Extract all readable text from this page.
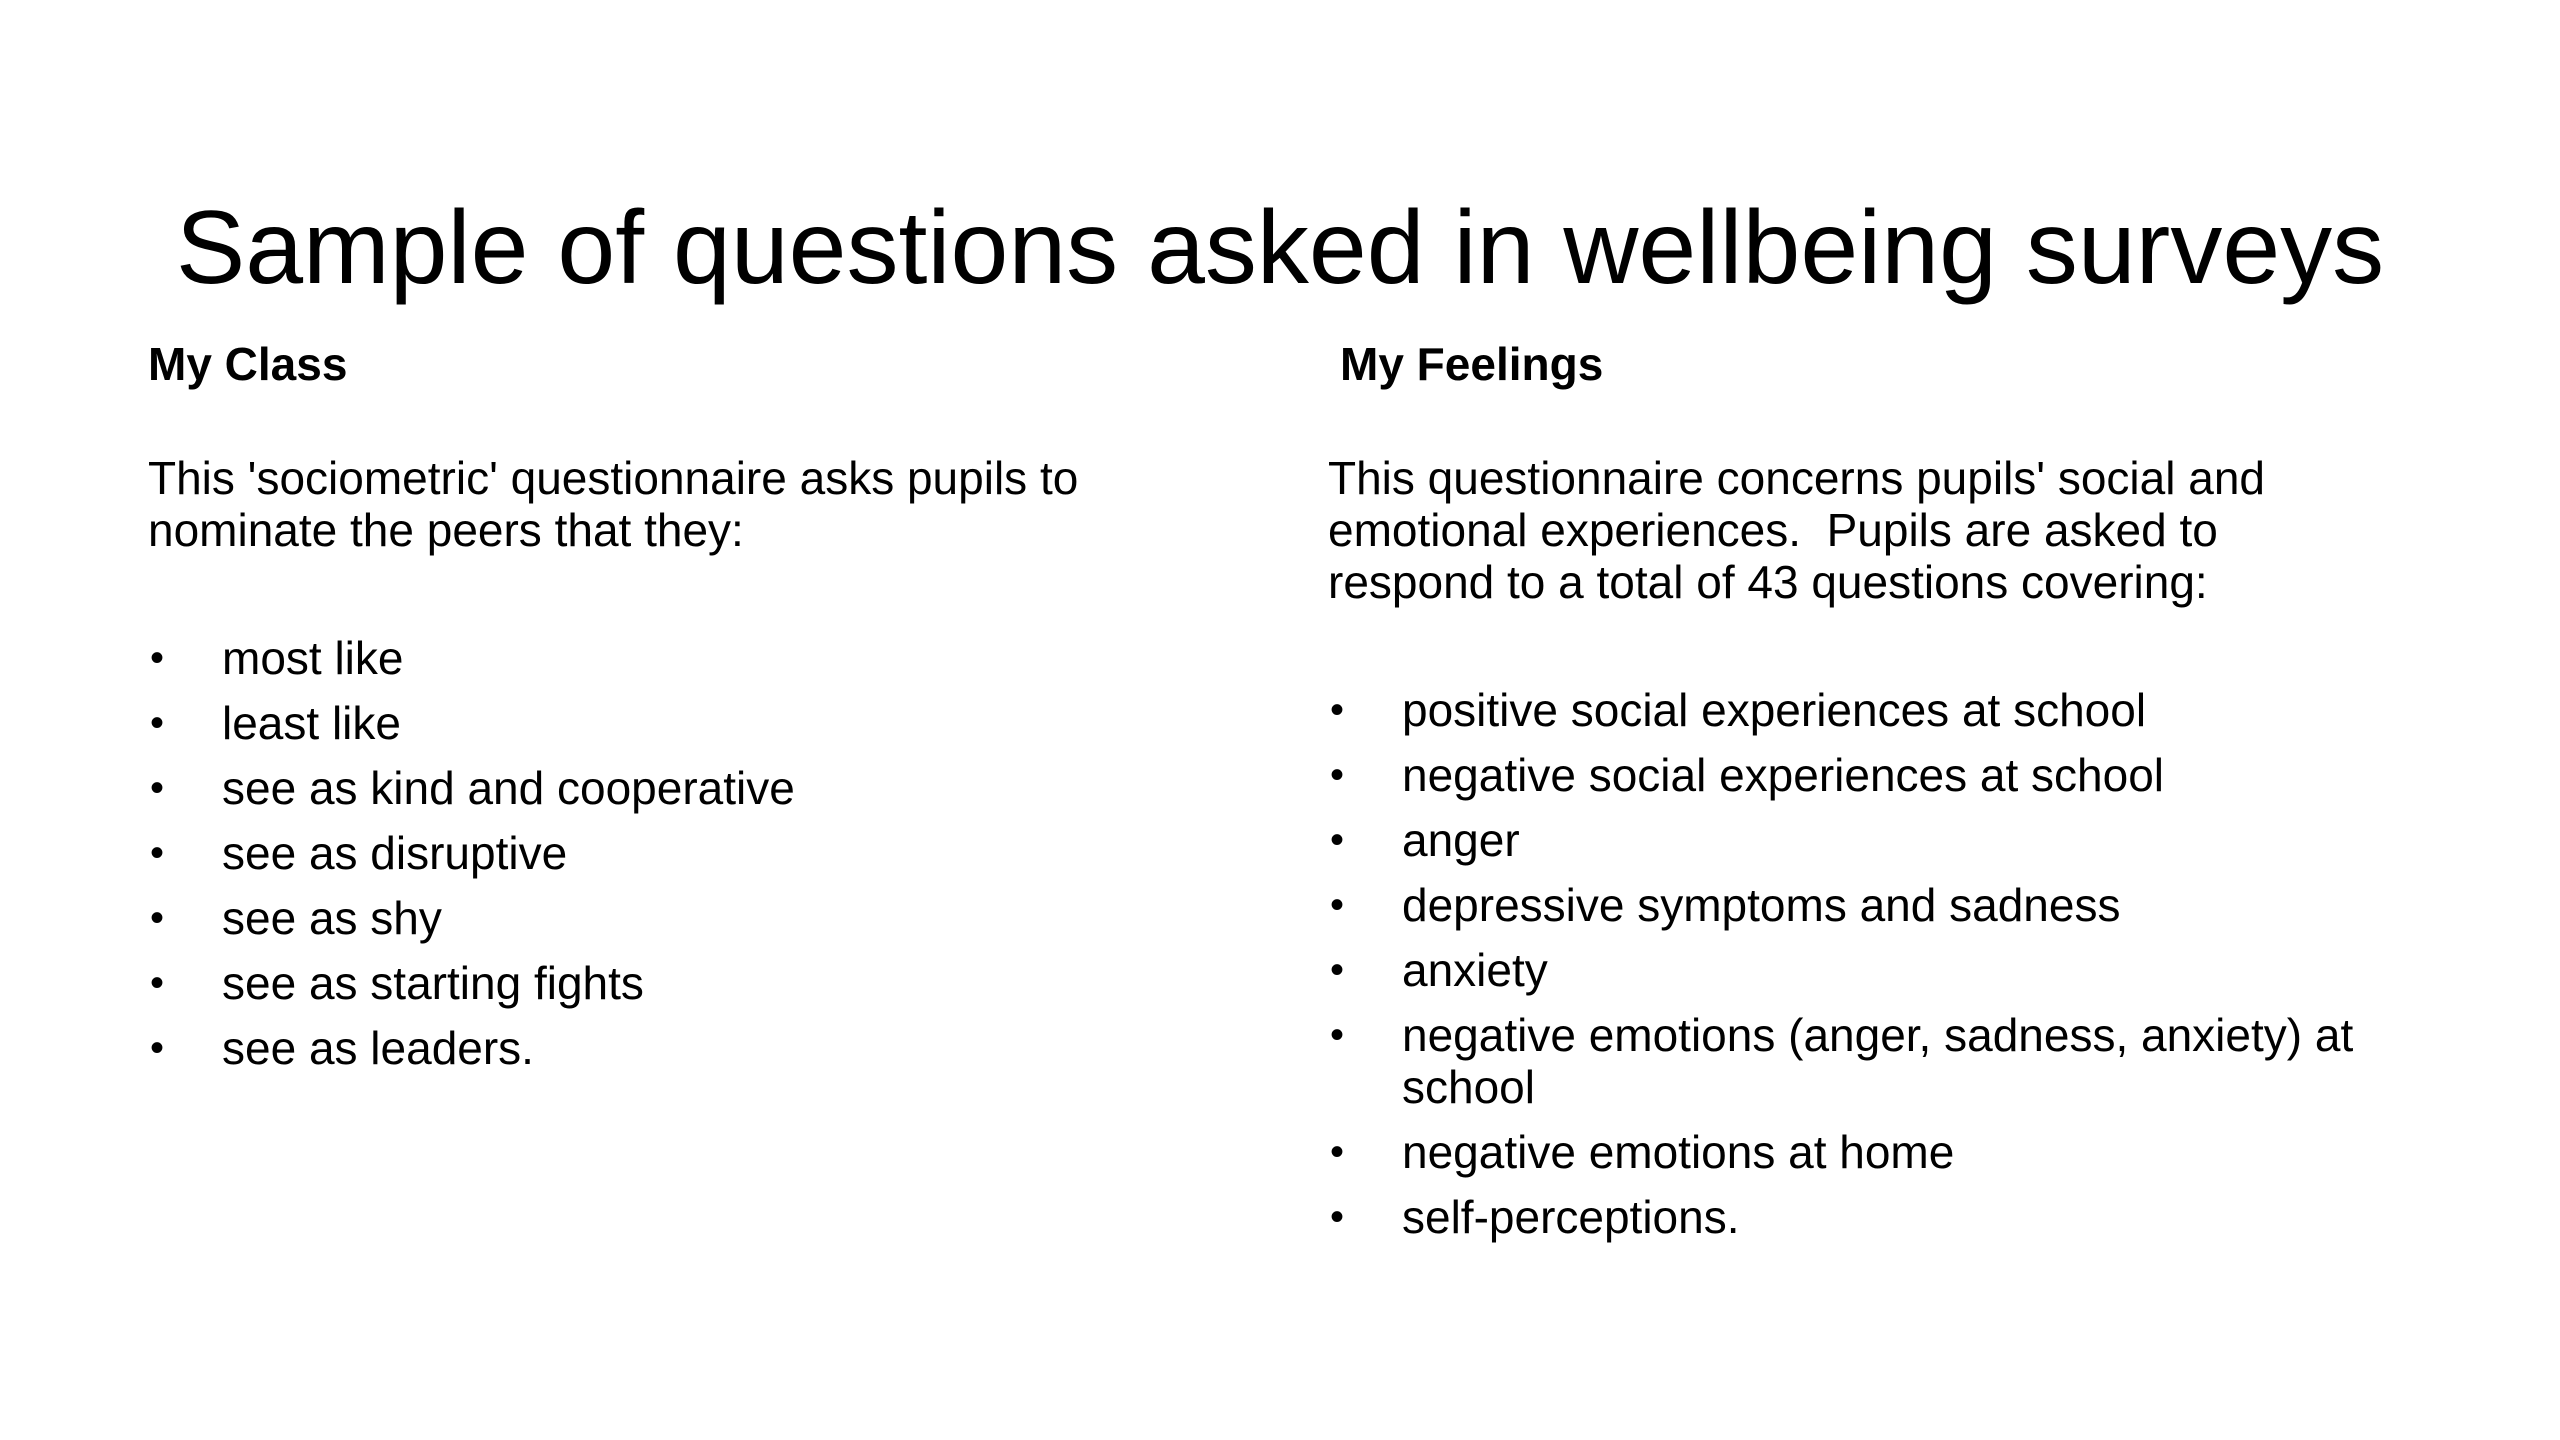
Sample of questions asked in wellbeing surveys

My Class

This 'sociometric' questionnaire asks pupils to
nominate the peers that they:

•	most like
•	least like
•	see as kind and cooperative
•	see as disruptive
•	see as shy
•	see as starting fights
•	see as leaders.

My Feelings

This questionnaire concerns pupils' social and
emotional experiences.  Pupils are asked to
respond to a total of 43 questions covering:

•	positive social experiences at school
•	negative social experiences at school
•	anger
•	depressive symptoms and sadness
•	anxiety
•	negative emotions (anger, sadness, anxiety) at school
•	negative emotions at home
•	self-perceptions.
